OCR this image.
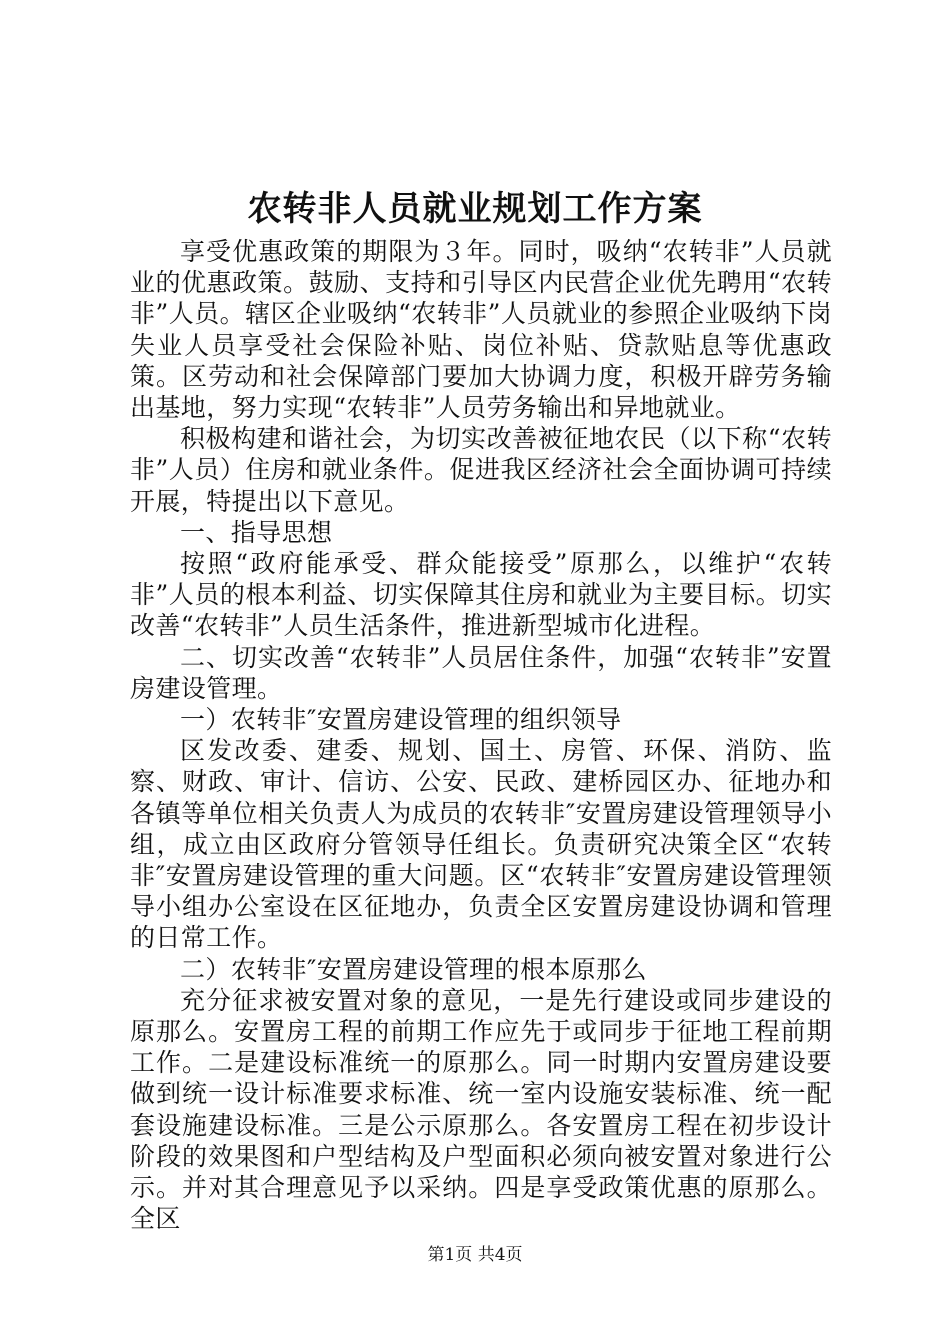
农转非人员就业规划工作方案

享受优惠政策的期限为３年。同时，吸纳“农转非”人员就业的优惠政策。鼓励、支持和引导区内民营企业优先聘用“农转非”人员。辖区企业吸纳“农转非”人员就业的参照企业吸纳下岗失业人员享受社会保险补贴、岗位补贴、贷款贴息等优惠政策。区劳动和社会保障部门要加大协调力度，积极开辟劳务输出基地，努力实现“农转非”人员劳务输出和异地就业。

积极构建和谐社会，为切实改善被征地农民（以下称“农转非”人员）住房和就业条件。促进我区经济社会全面协调可持续开展，特提出以下意见。

一、指导思想

按照“政府能承受、群众能接受”原那么，以维护“农转非”人员的根本利益、切实保障其住房和就业为主要目标。切实改善“农转非”人员生活条件，推进新型城市化进程。

二、切实改善“农转非”人员居住条件，加强“农转非”安置房建设管理。

一）农转非″安置房建设管理的组织领导

区发改委、建委、规划、国土、房管、环保、消防、监察、财政、审计、信访、公安、民政、建桥园区办、征地办和各镇等单位相关负责人为成员的农转非″安置房建设管理领导小组，成立由区政府分管领导任组长。负责研究决策全区“农转非″安置房建设管理的重大问题。区“农转非″安置房建设管理领导小组办公室设在区征地办，负责全区安置房建设协调和管理的日常工作。

二）农转非″安置房建设管理的根本原那么

充分征求被安置对象的意见，一是先行建设或同步建设的原那么。安置房工程的前期工作应先于或同步于征地工程前期工作。二是建设标准统一的原那么。同一时期内安置房建设要做到统一设计标准要求标准、统一室内设施安装标准、统一配套设施建设标准。三是公示原那么。各安置房工程在初步设计阶段的效果图和户型结构及户型面积必须向被安置对象进行公示。并对其合理意见予以采纳。四是享受政策优惠的原那么。全区

第1页 共4页
